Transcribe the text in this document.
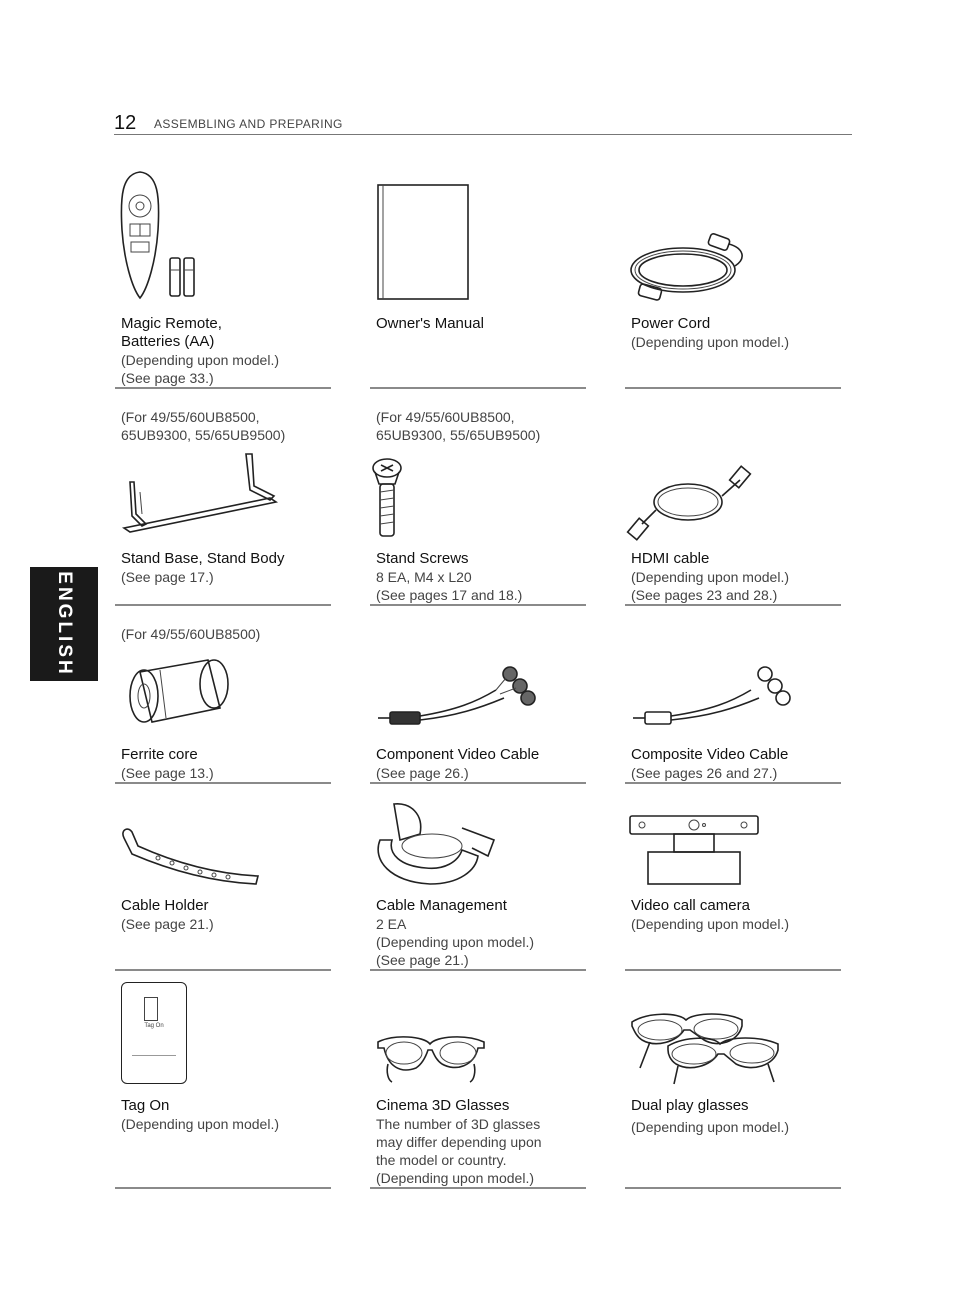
12 ASSEMBLING AND PREPARING
ENGLISH
Magic Remote,
Batteries (AA)
(Depending upon model.)
(See page 33.)
Owner's Manual	Power Cord
(Depending upon model.)
(For 49/55/60UB8500,
65UB9300, 55/65UB9500)
Stand Base, Stand Body
(See page 17.)
(For 49/55/60UB8500,
65UB9300, 55/65UB9500)
Stand Screws
8 EA, M4 x L20
(See pages 17 and 18.)
HDMI cable
(Depending upon model.)
(See pages 23 and 28.)
(For 49/55/60UB8500)
Ferrite core
(See page 13.)
Component Video Cable
(See page 26.)
Composite Video Cable
(See pages 26 and 27.)
Cable Holder
(See page 21.)
Cable Management
2 EA
(Depending upon model.)
(See page 21.)
Video call camera
(Depending upon model.)
Tag On
Tag On
(Depending upon model.)
Cinema 3D Glasses
The number of 3D glasses
may differ depending upon
the model or country.
(Depending upon model.)
Dual play glasses
(Depending upon model.)
